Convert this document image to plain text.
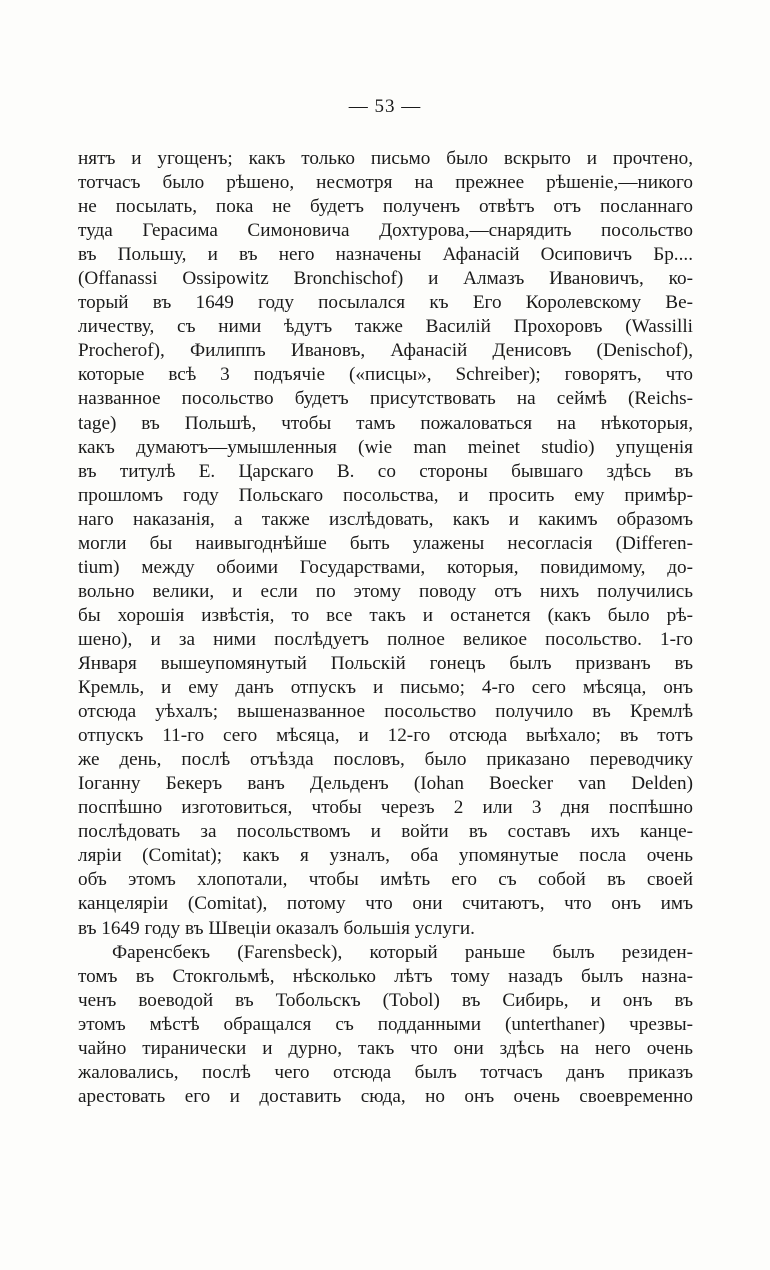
— 53 —
нятъ и угощенъ; какъ только письмо было вскрыто и прочтено,
тотчасъ было рѣшено, несмотря на прежнее рѣшеніе,—никого
не посылать, пока не будетъ полученъ отвѣтъ отъ посланнаго
туда Герасима Симоновича Дохтурова,—снарядить посольство
въ Польшу, и въ него назначены Афанасій Осиповичъ Бр....
(Offanassi Ossipowitz Bronchischof) и Алмазъ Ивановичъ, ко-
торый въ 1649 году посылался къ Его Королевскому Ве-
личеству, съ ними ѣдутъ также Василій Прохоровъ (Wassilli
Procherof), Филиппъ Ивановъ, Афанасій Денисовъ (Denischof),
которые всѣ 3 подъячіе («писцы», Schreiber); говорятъ, что
названное посольство будетъ присутствовать на сеймѣ (Reichs-
tage) въ Польшѣ, чтобы тамъ пожаловаться на нѣкоторыя,
какъ думаютъ—умышленныя (wie man meinet studio) упущенія
въ титулѣ Е. Царскаго В. со стороны бывшаго здѣсь въ
прошломъ году Польскаго посольства, и просить ему примѣр-
наго наказанія, а также изслѣдовать, какъ и какимъ образомъ
могли бы наивыгоднѣйше быть улажены несогласія (Differen-
tium) между обоими Государствами, которыя, повидимому, до-
вольно велики, и если по этому поводу отъ нихъ получились
бы хорошія извѣстія, то все такъ и останется (какъ было рѣ-
шено), и за ними послѣдуетъ полное великое посольство. 1-го
Января вышеупомянутый Польскій гонецъ былъ призванъ въ
Кремль, и ему данъ отпускъ и письмо; 4-го сего мѣсяца, онъ
отсюда уѣхалъ; вышеназванное посольство получило въ Кремлѣ
отпускъ 11-го сего мѣсяца, и 12-го отсюда выѣхало; въ тотъ
же день, послѣ отъѣзда пословъ, было приказано переводчику
Іоганну Бекеръ ванъ Дельденъ (Iohan Boecker van Delden)
поспѣшно изготовиться, чтобы черезъ 2 или 3 дня поспѣшно
послѣдовать за посольствомъ и войти въ составъ ихъ канце-
ляріи (Comitat); какъ я узналъ, оба упомянутые посла очень
объ этомъ хлопотали, чтобы имѣть его съ собой въ своей
канцеляріи (Comitat), потому что они считаютъ, что онъ имъ
въ 1649 году въ Швеціи оказалъ большія услуги.
Фаренсбекъ (Farensbeck), который раньше былъ резиден-
томъ въ Стокгольмѣ, нѣсколько лѣтъ тому назадъ былъ назна-
ченъ воеводой въ Тобольскъ (Tobol) въ Сибирь, и онъ въ
этомъ мѣстѣ обращался съ подданными (unterthaner) чрезвы-
чайно тиранически и дурно, такъ что они здѣсь на него очень
жаловались, послѣ чего отсюда былъ тотчасъ данъ приказъ
арестовать его и доставить сюда, но онъ очень своевременно
